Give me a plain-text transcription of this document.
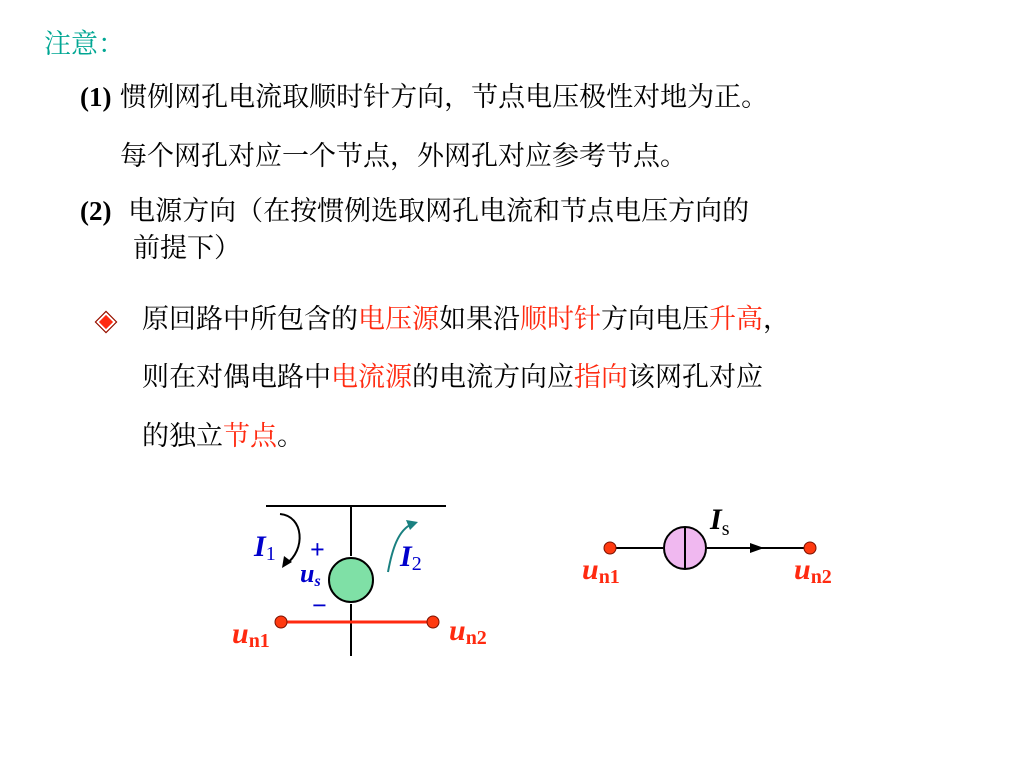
注意：
(1) 惯例网孔电流取顺时针方向，节点电压极性对地为正。
每个网孔对应一个节点，外网孔对应参考节点。
(2) 电源方向（在按惯例选取网孔电流和节点电压方向的
前提下）
原回路中所包含的电压源如果沿顺时针方向电压升高，
则在对偶电路中电流源的电流方向应指向该网孔对应
的独立节点。
I1	I2
+
us
−
un1	un2
$I_s$
un1	un2
